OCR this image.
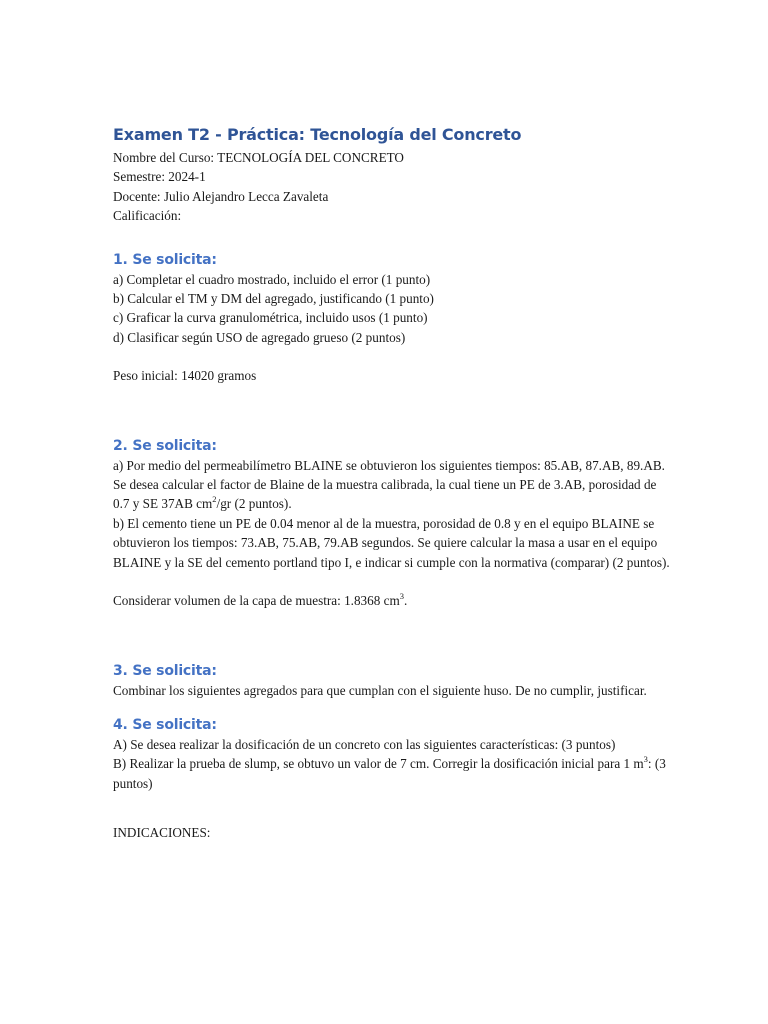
Examen T2 - Práctica: Tecnología del Concreto

Nombre del Curso: TECNOLOGÍA DEL CONCRETO

Semestre: 2024-1

Docente: Julio Alejandro Lecca Zavaleta

Calificación:

1. Se solicita:

a) Completar el cuadro mostrado, incluido el error (1 punto)

b) Calcular el TM y DM del agregado, justificando (1 punto)

c) Graficar la curva granulométrica, incluido usos (1 punto)

d) Clasificar según USO de agregado grueso (2 puntos)

Peso inicial: 14020 gramos

2. Se solicita:

a) Por medio del permeabilímetro BLAINE se obtuvieron los siguientes tiempos: 85.AB, 87.AB, 89.AB. Se desea calcular el factor de Blaine de la muestra calibrada, la cual tiene un PE de 3.AB, porosidad de 0.7 y SE 37AB $cm^2/gr$ (2 puntos).

b) El cemento tiene un PE de 0.04 menor al de la muestra, porosidad de 0.8 y en el equipo BLAINE se obtuvieron los tiempos: 73.AB, 75.AB, 79.AB segundos. Se quiere calcular la masa a usar en el equipo BLAINE y la SE del cemento portland tipo I, e indicar si cumple con la normativa (comparar) (2 puntos).

Considerar volumen de la capa de muestra: 1.8368 $cm^3$.

3. Se solicita:

Combinar los siguientes agregados para que cumplan con el siguiente huso. De no cumplir, justificar.

4. Se solicita:

A) Se desea realizar la dosificación de un concreto con las siguientes características: (3 puntos)

B) Realizar la prueba de slump, se obtuvo un valor de 7 cm. Corregir la dosificación inicial para 1 $m^3$: (3 puntos)

INDICACIONES:
